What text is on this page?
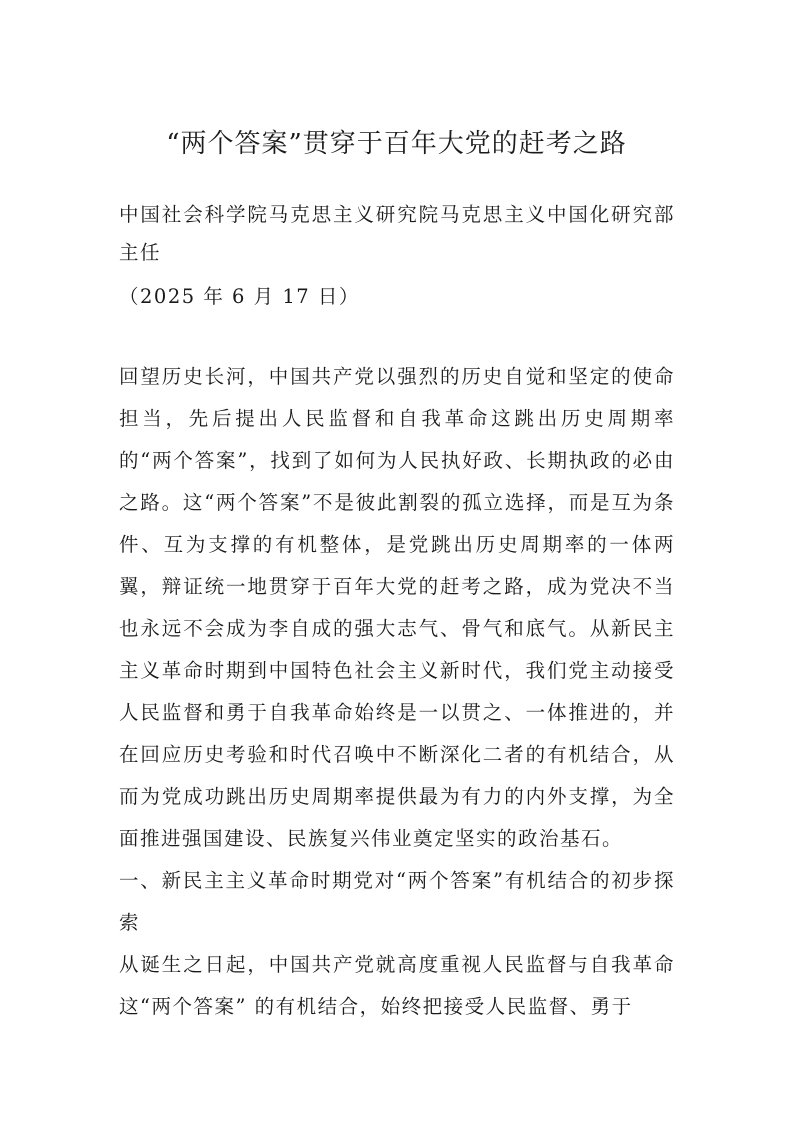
“两个答案”贯穿于百年大党的赶考之路
中国社会科学院马克思主义研究院马克思主义中国化研究部主任
（2025 年 6 月 17 日）

回望历史长河，中国共产党以强烈的历史自觉和坚定的使命担当，先后提出人民监督和自我革命这跳出历史周期率的“两个答案”，找到了如何为人民执好政、长期执政的必由之路。这“两个答案”不是彼此割裂的孤立选择，而是互为条件、互为支撑的有机整体，是党跳出历史周期率的一体两翼，辩证统一地贯穿于百年大党的赶考之路，成为党决不当也永远不会成为李自成的强大志气、骨气和底气。从新民主主义革命时期到中国特色社会主义新时代，我们党主动接受人民监督和勇于自我革命始终是一以贯之、一体推进的，并在回应历史考验和时代召唤中不断深化二者的有机结合，从而为党成功跳出历史周期率提供最为有力的内外支撑，为全面推进强国建设、民族复兴伟业奠定坚实的政治基石。

一、新民主主义革命时期党对“两个答案”有机结合的初步探索

从诞生之日起，中国共产党就高度重视人民监督与自我革命这“两个答案” 的有机结合，始终把接受人民监督、勇于
